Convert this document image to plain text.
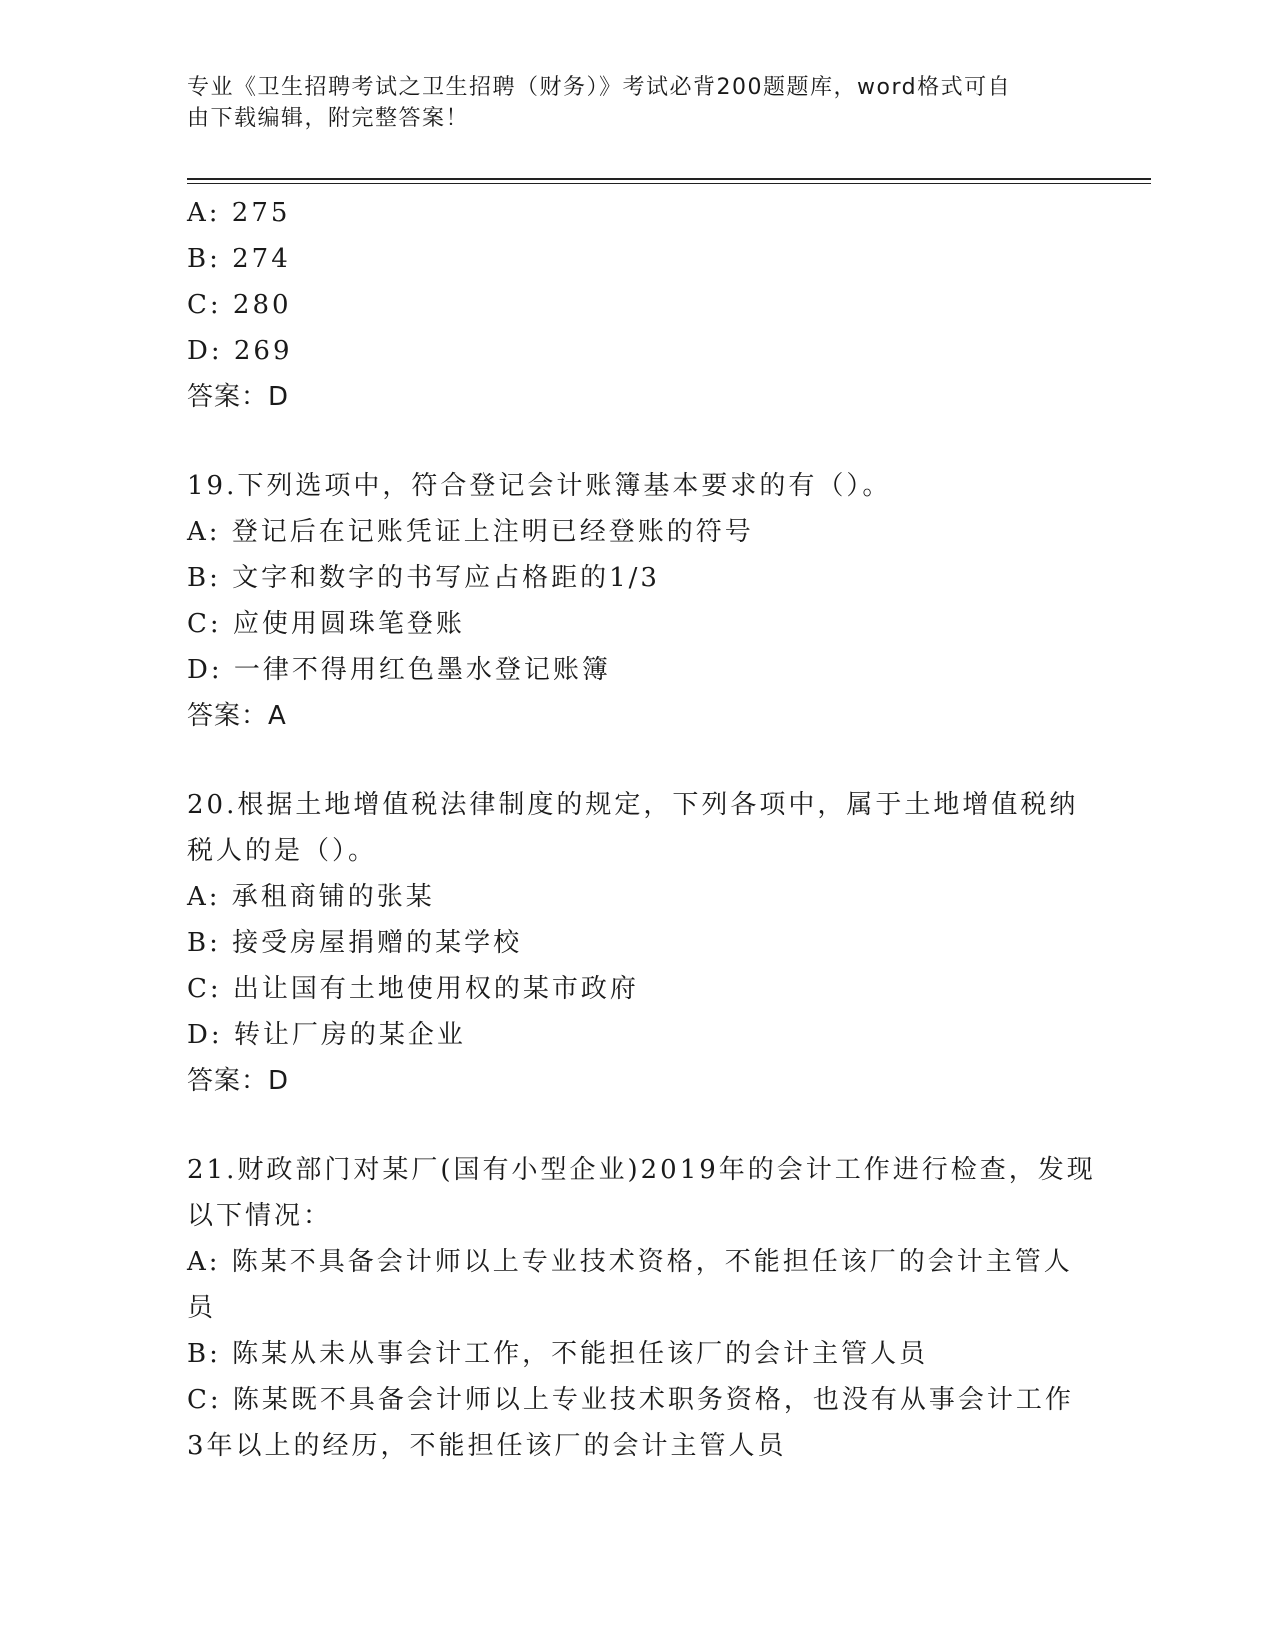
专业《卫生招聘考试之卫生招聘（财务）》考试必背200题题库，word格式可自
由下载编辑，附完整答案！
A: 275
B: 274
C: 280
D: 269
答案：D
19.下列选项中，符合登记会计账簿基本要求的有（）。
A: 登记后在记账凭证上注明已经登账的符号
B: 文字和数字的书写应占格距的1/3
C: 应使用圆珠笔登账
D: 一律不得用红色墨水登记账簿
答案：A
20.根据土地增值税法律制度的规定，下列各项中，属于土地增值税纳
税人的是（）。
A: 承租商铺的张某
B: 接受房屋捐赠的某学校
C: 出让国有土地使用权的某市政府
D: 转让厂房的某企业
答案：D
21.财政部门对某厂(国有小型企业)2019年的会计工作进行检查，发现
以下情况：
A: 陈某不具备会计师以上专业技术资格，不能担任该厂的会计主管人
员
B: 陈某从未从事会计工作，不能担任该厂的会计主管人员
C: 陈某既不具备会计师以上专业技术职务资格，也没有从事会计工作
3年以上的经历，不能担任该厂的会计主管人员
